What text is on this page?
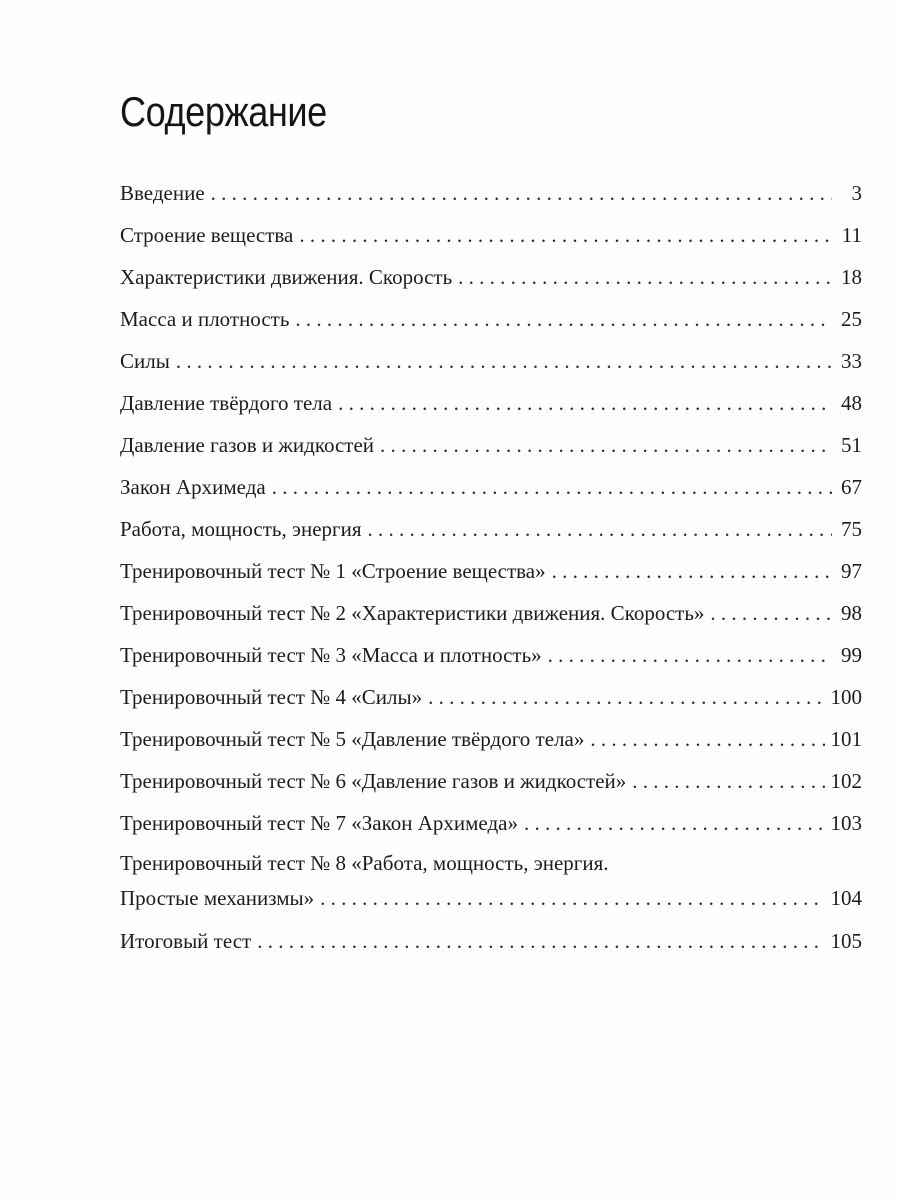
Содержание
Введение . . .	3
Строение вещества . . .	11
Характеристики движения. Скорость . . .	18
Масса и плотность . . .	25
Силы . . .	33
Давление твёрдого тела . . .	48
Давление газов и жидкостей . . .	51
Закон Архимеда . . .	67
Работа, мощность, энергия . . .	75
Тренировочный тест № 1 «Строение вещества» . . .	97
Тренировочный тест № 2 «Характеристики движения. Скорость» . . .	98
Тренировочный тест № 3 «Масса и плотность» . . .	99
Тренировочный тест № 4 «Силы» . . .	100
Тренировочный тест № 5 «Давление твёрдого тела» . . .	101
Тренировочный тест № 6 «Давление газов и жидкостей» . . .	102
Тренировочный тест № 7 «Закон Архимеда» . . .	103
Тренировочный тест № 8 «Работа, мощность, энергия.
Простые механизмы» . . .	104
Итоговый тест . . .	105
